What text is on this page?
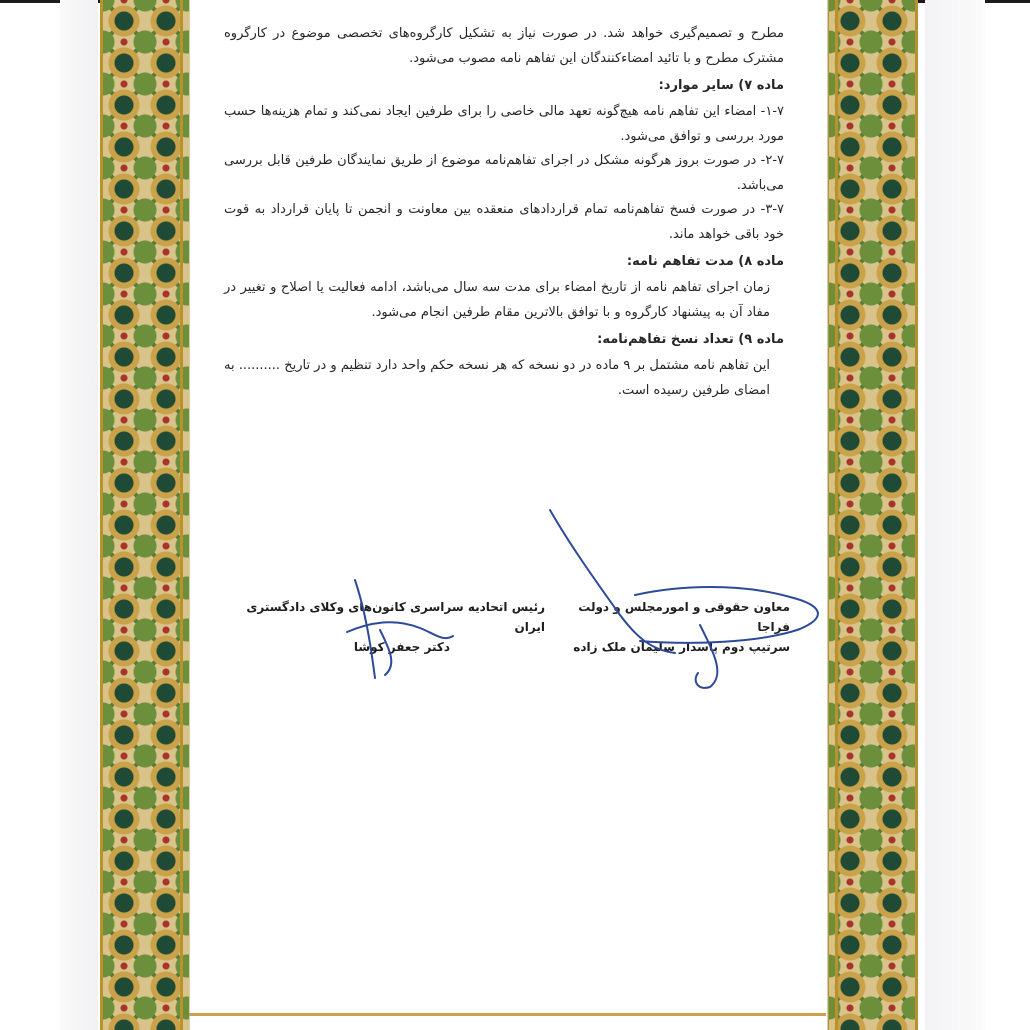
مطرح و تصمیم‌گیری خواهد شد. در صورت نیاز به تشکیل کارگروه‌های تخصصی موضوع در کارگروه مشترک مطرح و با تائید امضاءکنندگان این تفاهم نامه مصوب می‌شود.

ماده ۷) سایر موارد:

۱-۷- امضاء این تفاهم نامه هیچ‌گونه تعهد مالی خاصی را برای طرفین ایجاد نمی‌کند و تمام هزینه‌ها حسب مورد بررسی و توافق می‌شود.

۲-۷- در صورت بروز هرگونه مشکل در اجرای تفاهم‌نامه موضوع از طریق نمایندگان طرفین قابل بررسی می‌باشد.

۳-۷- در صورت فسخ تفاهم‌نامه تمام قراردادهای منعقده بین معاونت و انجمن تا پایان قرارداد به قوت خود باقی خواهد ماند.

ماده ۸) مدت تفاهم نامه:

زمان اجرای تفاهم نامه از تاریخ امضاء برای مدت سه سال می‌باشد، ادامه فعالیت یا اصلاح و تغییر در مفاد آن به پیشنهاد کارگروه و با توافق بالاترین مقام طرفین انجام می‌شود.

ماده ۹) تعداد نسخ تفاهم‌نامه:

این تفاهم نامه مشتمل بر ۹ ماده در دو نسخه که هر نسخه حکم واحد دارد تنظیم و در تاریخ .......... به امضای طرفین رسیده است.

معاون حقوقی و امورمجلس و دولت فراجا
سرتیپ دوم پاسدار سلیمان ملک زاده
رئیس اتحادیه سراسری کانون‌های وکلای دادگستری ایران
دکتر جعفر کوشا
